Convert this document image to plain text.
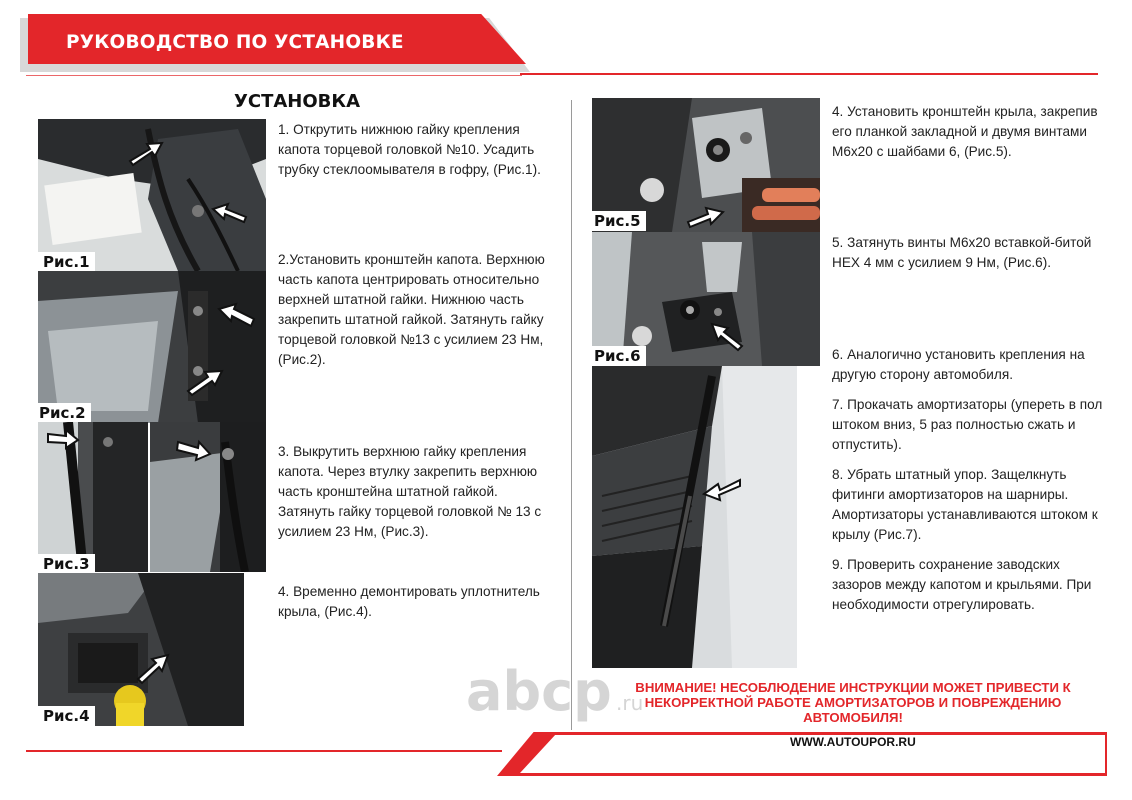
РУКОВОДСТВО ПО УСТАНОВКЕ
УСТАНОВКА
Рис.1
Рис.2
Рис.3
Рис.4
Рис.5
Рис.6
1. Открутить нижнюю гайку крепления
капота торцевой головкой №10. Усадить
трубку стеклоомывателя в гофру, (Рис.1).
2.Установить кронштейн капота. Верхнюю
часть капота центрировать относительно
верхней штатной гайки. Нижнюю часть
закрепить штатной гайкой. Затянуть гайку
торцевой головкой №13 с усилием 23 Нм,
(Рис.2).
3. Выкрутить верхнюю гайку крепления
капота. Через втулку закрепить верхнюю
часть кронштейна штатной гайкой.
Затянуть гайку торцевой головкой № 13 с
усилием 23 Нм, (Рис.3).
4. Временно демонтировать уплотнитель
крыла, (Рис.4).
4. Установить кронштейн крыла, закрепив
его планкой закладной и двумя винтами
М6х20 с шайбами 6, (Рис.5).
5. Затянуть винты М6х20 вставкой-битой
HEX 4 мм с усилием 9 Нм, (Рис.6).
6. Аналогично установить крепления на
другую сторону автомобиля.
7. Прокачать амортизаторы (упереть в пол
штоком вниз, 5 раз полностью сжать и
отпустить).
8. Убрать штатный упор. Защелкнуть
фитинги амортизаторов на шарниры.
Амортизаторы устанавливаются штоком к
крылу (Рис.7).
9. Проверить сохранение заводских
зазоров между капотом и крыльями. При
необходимости отрегулировать.
abcp .ru
ВНИМАНИЕ! НЕСОБЛЮДЕНИЕ ИНСТРУКЦИИ МОЖЕТ ПРИВЕСТИ К
НЕКОРРЕКТНОЙ РАБОТЕ АМОРТИЗАТОРОВ И ПОВРЕЖДЕНИЮ
АВТОМОБИЛЯ!
WWW.AUTOUPOR.RU
